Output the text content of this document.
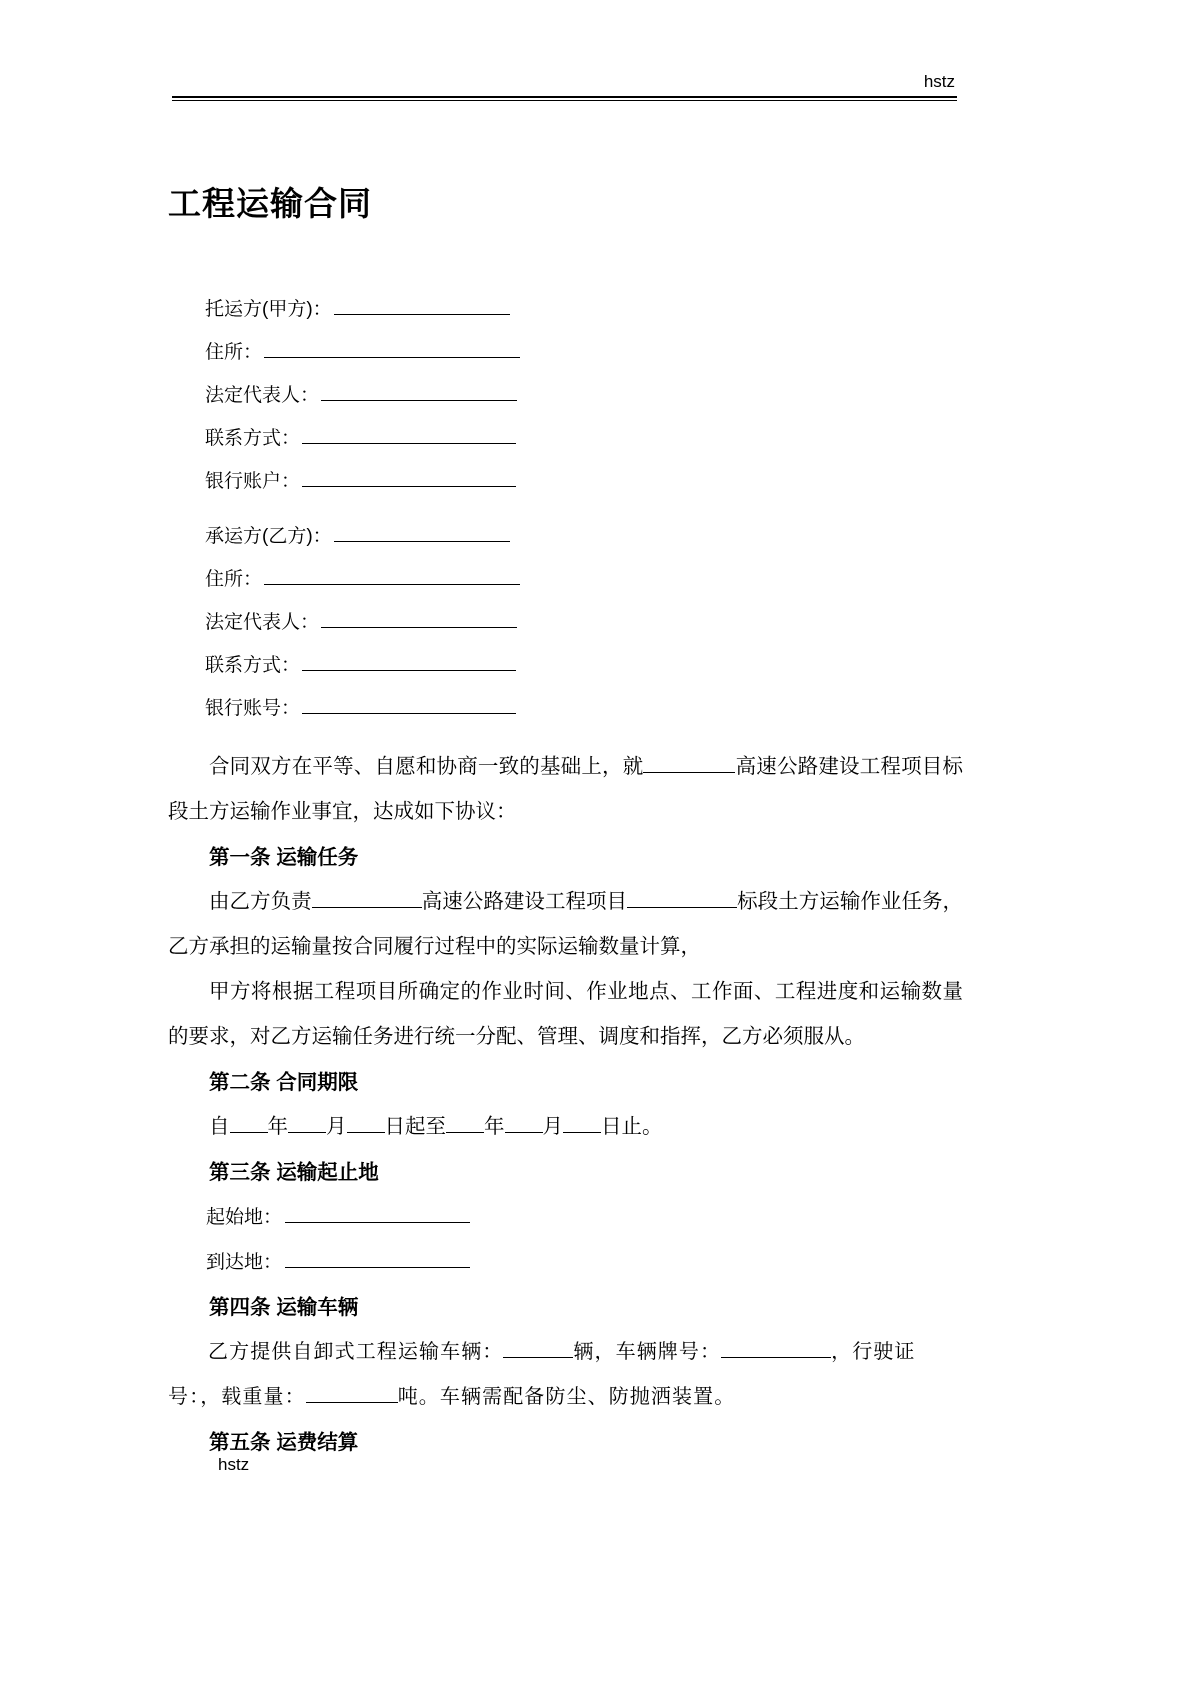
hstz
工程运输合同
托运方(甲方)：
住所：
法定代表人：
联系方式：
银行账户：
承运方(乙方)：
住所：
法定代表人：
联系方式：
银行账号：

合同双方在平等、自愿和协商一致的基础上，就	高速公路建设工程项目标段土方运输作业事宜，达成如下协议：

第一条 运输任务

由乙方负责	高速公路建设工程项目	标段土方运输作业任务，乙方承担的运输量按合同履行过程中的实际运输数量计算，

甲方将根据工程项目所确定的作业时间、作业地点、工作面、工程进度和运输数量的要求，对乙方运输任务进行统一分配、管理、调度和指挥，乙方必须服从。

第二条 合同期限

自 年 月 日起至 年 月 日止。

第三条 运输起止地

起始地：

到达地：

第四条 运输车辆

乙方提供自卸式工程运输车辆：	辆，车辆牌号：	，行驶证号：，载重量：	吨。车辆需配备防尘、防抛洒装置。

第五条 运费结算

hstz
